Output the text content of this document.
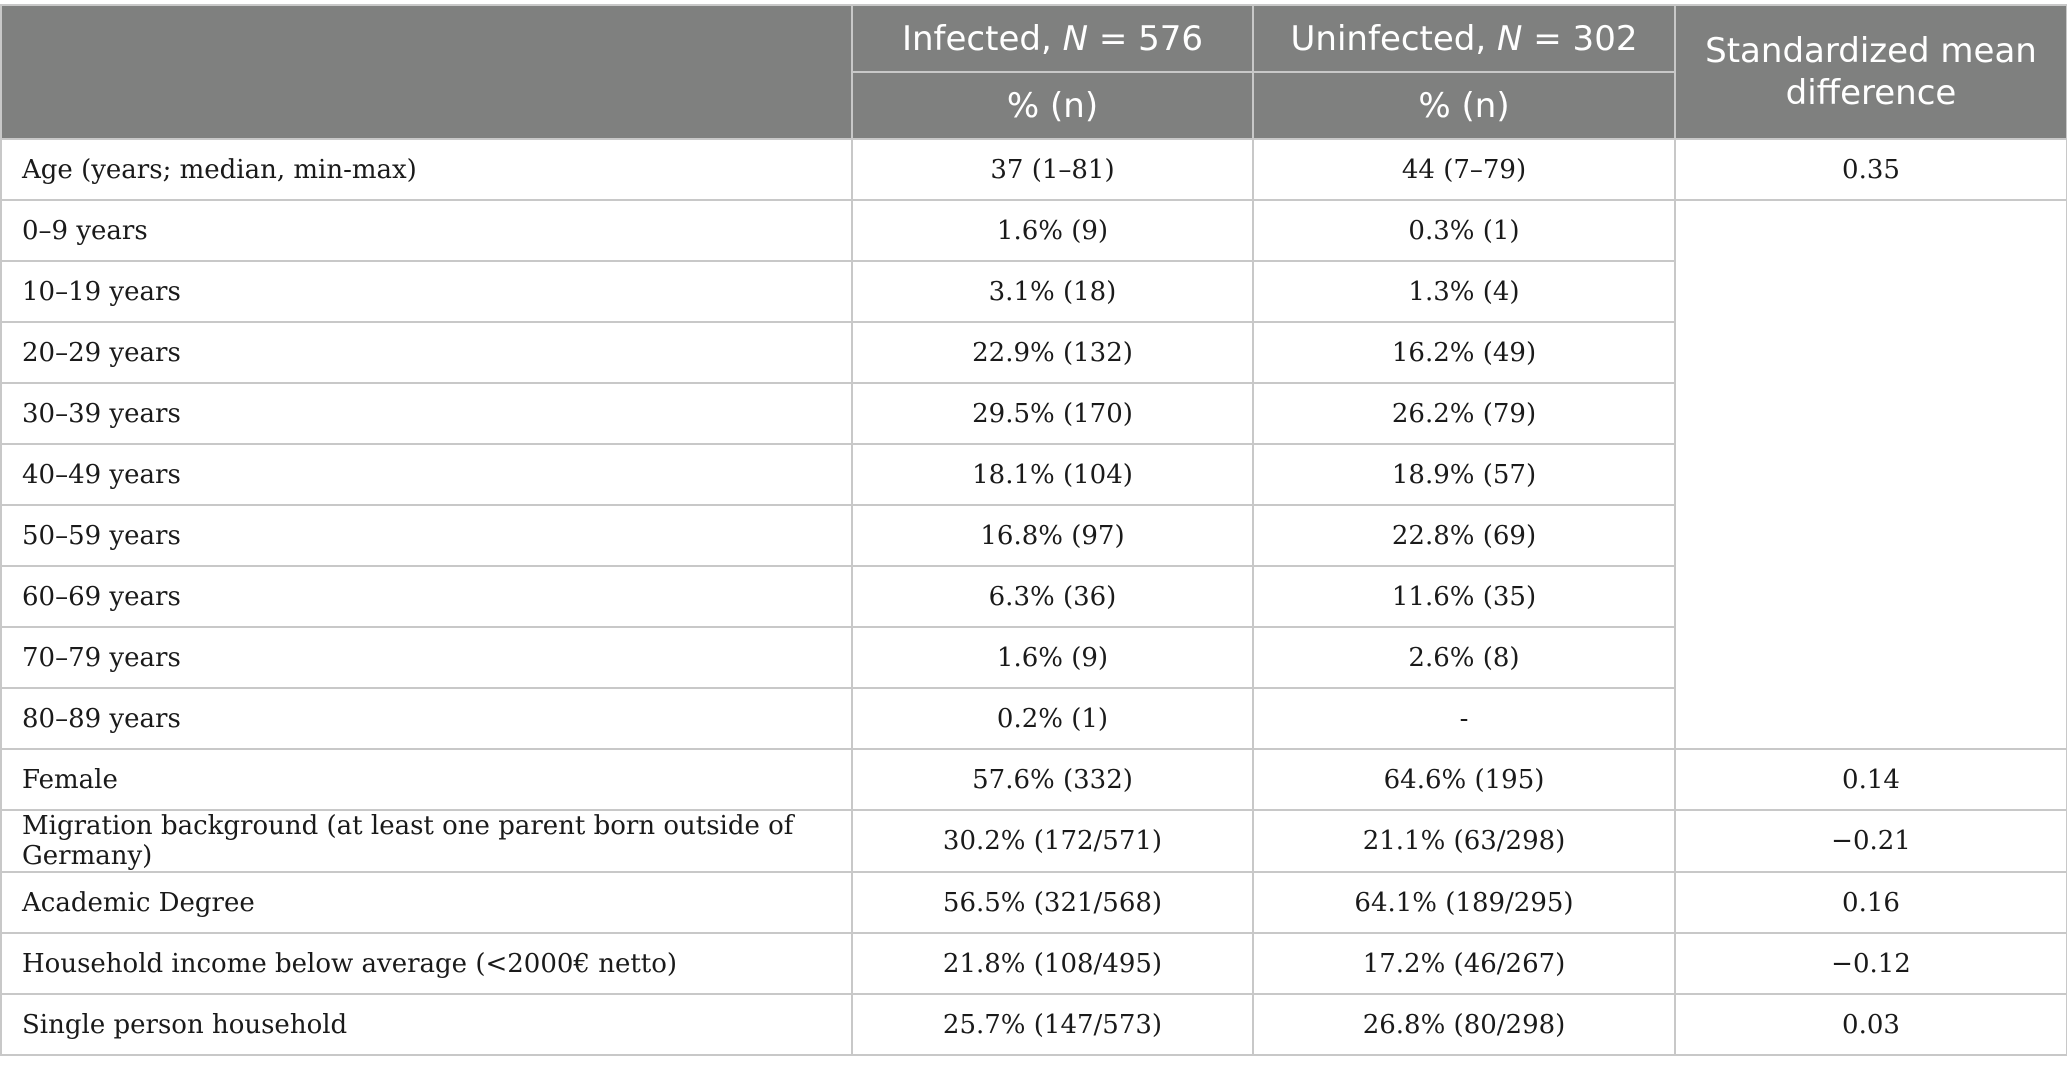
	Infected, N = 576	Uninfected, N = 302	Standardized mean
difference
	% (n)	% (n)	
Age (years; median, min-max)	37 (1–81)	44 (7–79)	0.35
0–9 years	1.6% (9)	0.3% (1)	
10–19 years	3.1% (18)	1.3% (4)	
20–29 years	22.9% (132)	16.2% (49)	
30–39 years	29.5% (170)	26.2% (79)	
40–49 years	18.1% (104)	18.9% (57)	
50–59 years	16.8% (97)	22.8% (69)	
60–69 years	6.3% (36)	11.6% (35)	
70–79 years	1.6% (9)	2.6% (8)	
80–89 years	0.2% (1)	-	
Female	57.6% (332)	64.6% (195)	0.14
Migration background (at least one parent born outside of Germany)	30.2% (172/571)	21.1% (63/298)	−0.21
Academic Degree	56.5% (321/568)	64.1% (189/295)	0.16
Household income below average (<2000€ netto)	21.8% (108/495)	17.2% (46/267)	−0.12
Single person household	25.7% (147/573)	26.8% (80/298)	0.03
